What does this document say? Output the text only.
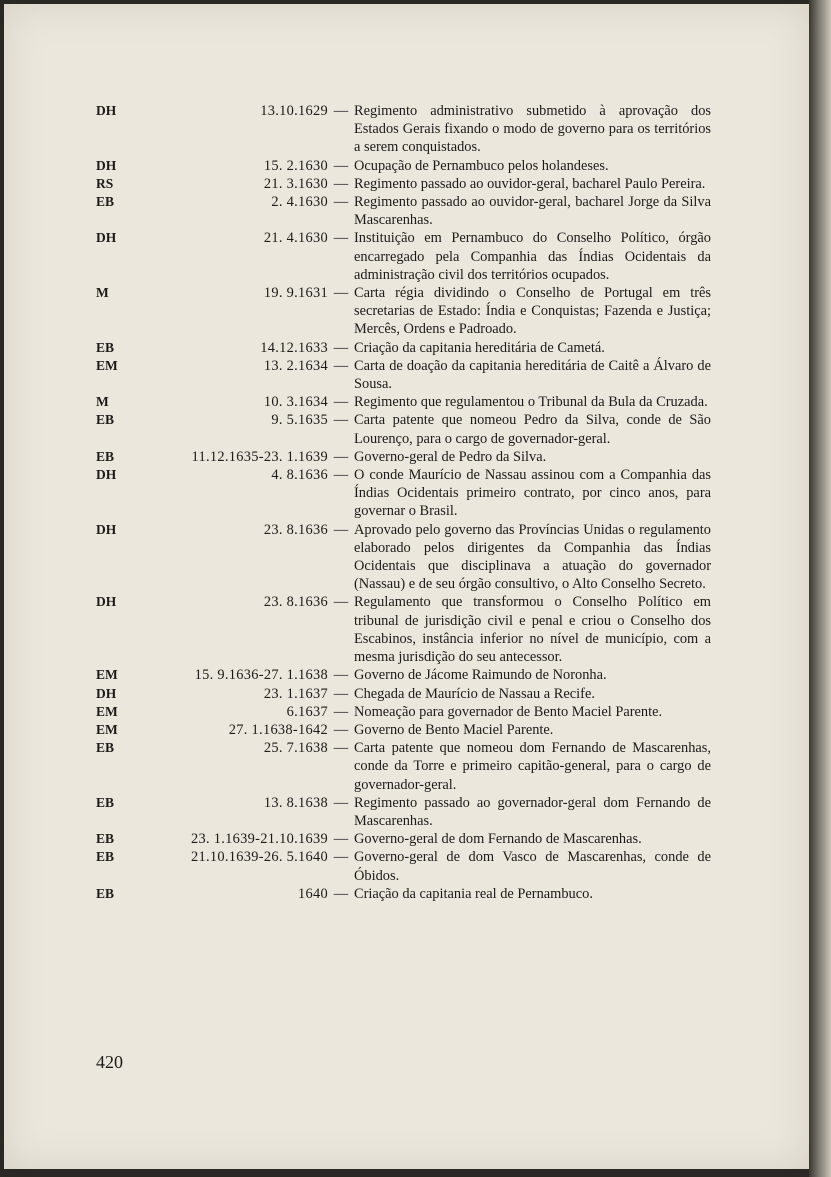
DH	13.10.1629 — Regimento administrativo submetido à aprovação dos Estados Gerais fixando o modo de governo para os territórios a serem conquistados.
DH	15. 2.1630 — Ocupação de Pernambuco pelos holandeses.
RS	21. 3.1630 — Regimento passado ao ouvidor-geral, bacharel Paulo Pereira.
EB	2. 4.1630 — Regimento passado ao ouvidor-geral, bacharel Jorge da Silva Mascarenhas.
DH	21. 4.1630 — Instituição em Pernambuco do Conselho Político, órgão encarregado pela Companhia das Índias Ocidentais da administração civil dos territórios ocupados.
M	19. 9.1631 — Carta régia dividindo o Conselho de Portugal em três secretarias de Estado: Índia e Conquistas; Fazenda e Justiça; Mercês, Ordens e Padroado.
EB	14.12.1633 — Criação da capitania hereditária de Cametá.
EM	13. 2.1634 — Carta de doação da capitania hereditária de Caitê a Álvaro de Sousa.
M	10. 3.1634 — Regimento que regulamentou o Tribunal da Bula da Cruzada.
EB	9. 5.1635 — Carta patente que nomeou Pedro da Silva, conde de São Lourenço, para o cargo de governador-geral.
EB	11.12.1635-23. 1.1639 — Governo-geral de Pedro da Silva.
DH	4. 8.1636 — O conde Maurício de Nassau assinou com a Companhia das Índias Ocidentais primeiro contrato, por cinco anos, para governar o Brasil.
DH	23. 8.1636 — Aprovado pelo governo das Províncias Unidas o regulamento elaborado pelos dirigentes da Companhia das Índias Ocidentais que disciplinava a atuação do governador (Nassau) e de seu órgão consultivo, o Alto Conselho Secreto.
DH	23. 8.1636 — Regulamento que transformou o Conselho Político em tribunal de jurisdição civil e penal e criou o Conselho dos Escabinos, instância inferior no nível de município, com a mesma jurisdição do seu antecessor.
EM	15. 9.1636-27. 1.1638 — Governo de Jácome Raimundo de Noronha.
DH	23. 1.1637 — Chegada de Maurício de Nassau a Recife.
EM	6.1637 — Nomeação para governador de Bento Maciel Parente.
EM	27. 1.1638-1642 — Governo de Bento Maciel Parente.
EB	25. 7.1638 — Carta patente que nomeou dom Fernando de Mascarenhas, conde da Torre e primeiro capitão-general, para o cargo de governador-geral.
EB	13. 8.1638 — Regimento passado ao governador-geral dom Fernando de Mascarenhas.
EB	23. 1.1639-21.10.1639 — Governo-geral de dom Fernando de Mascarenhas.
EB	21.10.1639-26. 5.1640 — Governo-geral de dom Vasco de Mascarenhas, conde de Óbidos.
EB	1640 — Criação da capitania real de Pernambuco.
420
